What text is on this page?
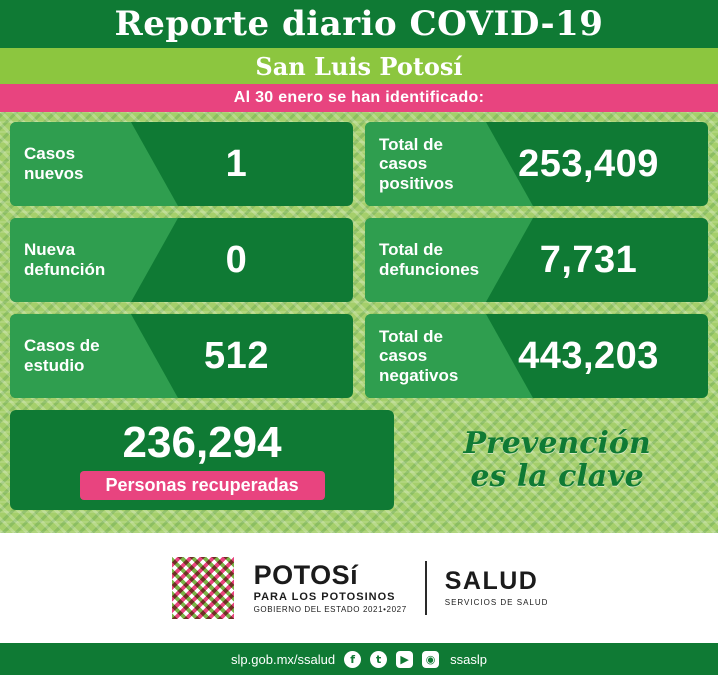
Reporte diario COVID-19
San Luis Potosí
Al 30 enero se han identificado:
Casos nuevos	1	Total de casos positivos	253,409
Nueva defunción	0	Total de defunciones	7,731
Casos de estudio	512	Total de casos negativos	443,203
236,294
Personas recuperadas
Prevención
es la clave
POTOSí
PARA LOS POTOSINOS
GOBIERNO DEL ESTADO 2021•2027
SALUD
SERVICIOS DE SALUD
slp.gob.mx/ssalud	f	t	▶	◉ ssaslp
